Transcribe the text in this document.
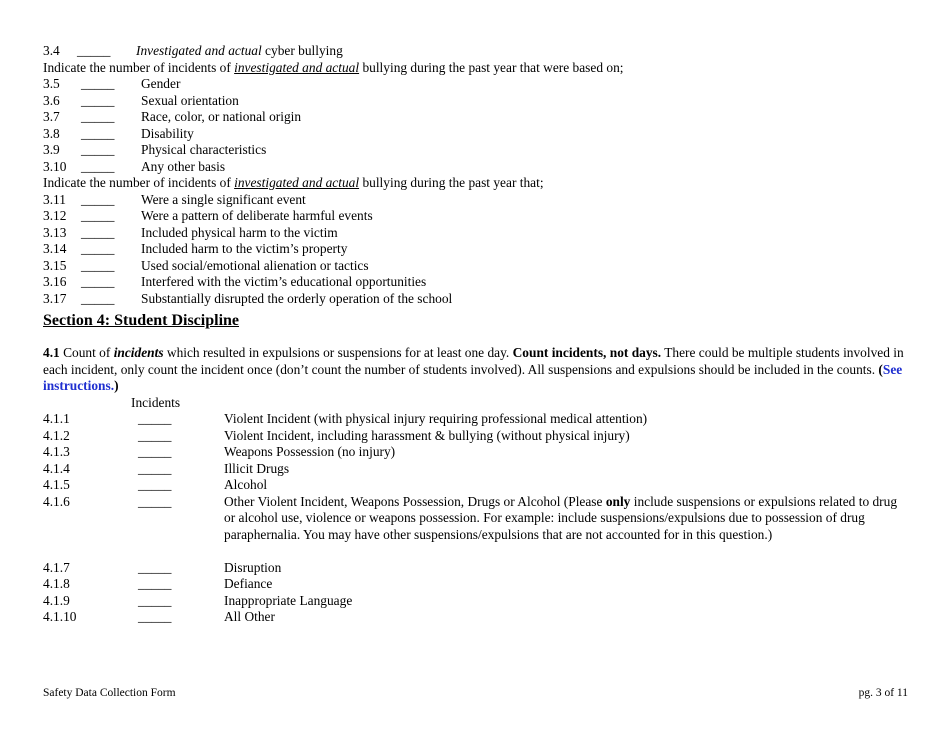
3.4 _____ Investigated and actual cyber bullying
Indicate the number of incidents of investigated and actual bullying during the past year that were based on;
3.5 _____ Gender
3.6 _____ Sexual orientation
3.7 _____ Race, color, or national origin
3.8 _____ Disability
3.9 _____ Physical characteristics
3.10 _____ Any other basis
Indicate the number of incidents of investigated and actual bullying during the past year that;
3.11 _____ Were a single significant event
3.12 _____ Were a pattern of deliberate harmful events
3.13 _____ Included physical harm to the victim
3.14 _____ Included harm to the victim’s property
3.15 _____ Used social/emotional alienation or tactics
3.16 _____ Interfered with the victim’s educational opportunities
3.17 _____ Substantially disrupted the orderly operation of the school
Section 4: Student Discipline
4.1 Count of incidents which resulted in expulsions or suspensions for at least one day. Count incidents, not days. There could be multiple students involved in each incident, only count the incident once (don’t count the number of students involved). All suspensions and expulsions should be included in the counts. (See instructions.)
Incidents
4.1.1	_____	Violent Incident (with physical injury requiring professional medical attention)
4.1.2	_____	Violent Incident, including harassment & bullying (without physical injury)
4.1.3	_____	Weapons Possession (no injury)
4.1.4	_____	Illicit Drugs
4.1.5	_____	Alcohol
4.1.6	_____	Other Violent Incident, Weapons Possession, Drugs or Alcohol (Please only include suspensions or expulsions related to drug or alcohol use, violence or weapons possession. For example: include suspensions/expulsions due to possession of drug paraphernalia. You may have other suspensions/expulsions that are not accounted for in this question.)
4.1.7	_____	Disruption
4.1.8	_____	Defiance
4.1.9	_____	Inappropriate Language
4.1.10	_____	All Other
Safety Data Collection Form	pg. 3 of 11
